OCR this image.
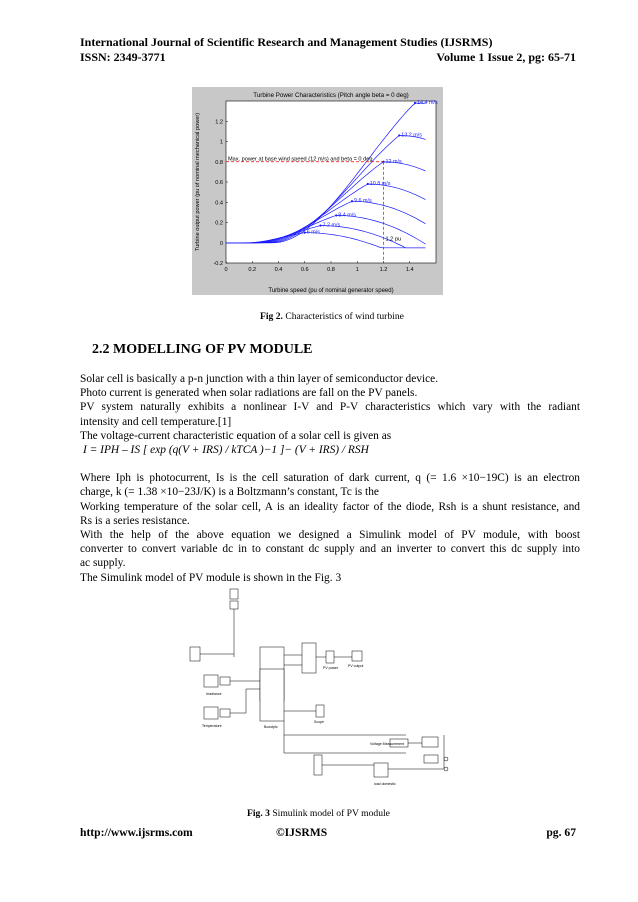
International Journal of Scientific Research and Management Studies (IJSRMS)
ISSN: 2349-3771	Volume 1 Issue 2, pg: 65-71
Turbine Power Characteristics (Pitch angle beta = 0 deg)
Turbine speed (pu of nominal generator speed)
Turbine output power (pu of nominal mechanical power)
0	0.2	0.4	0.6	0.8	1	1.2	1.4
-0.2
0
0.2
0.4
0.6
0.8
1
1.2
6 m/s
7.2 m/s
8.4 m/s
9.6 m/s
10.8 m/s
12 m/s
13.2 m/s
14.4 m/s
Max. power at base wind speed (12 m/s) and beta = 0 deg
1.2 pu
Fig 2. Characteristics of wind turbine
2.2 MODELLING OF PV MODULE
Solar cell is basically a p-n junction with a thin layer of semiconductor device.
Photo current is generated when solar radiations are fall on the PV panels.
PV system naturally exhibits a nonlinear I-V and P-V characteristics which vary with the radiant
intensity and cell temperature.[1]
The voltage-current characteristic equation of a solar cell is given as
I = IPH – IS [ exp (q(V + IRS) / kTCA )−1 ]− (V + IRS) / RSH
Where Iph is photocurrent, Is is the cell saturation of dark current, q (= 1.6 ×10−19C) is an electron
charge, k (= 1.38 ×10−23J/K) is a Boltzmann’s constant, Tc is the
Working temperature of the solar cell, A is an ideality factor of the diode, Rsh is a shunt resistance, and
Rs is a series resistance.
With the help of the above equation we designed a Simulink model of PV module, with boost
converter to convert variable dc in to constant dc supply and an inverter to convert this dc supply into
ac supply.
The Simulink model of PV module is shown in the Fig. 3
Irradiance
Temperature	Boostpfc
PV power	PV output
Scope
Voltage Measurement
load domestic
Fig. 3 Simulink model of PV module
http://www.ijsrms.com	©IJSRMS	pg. 67
